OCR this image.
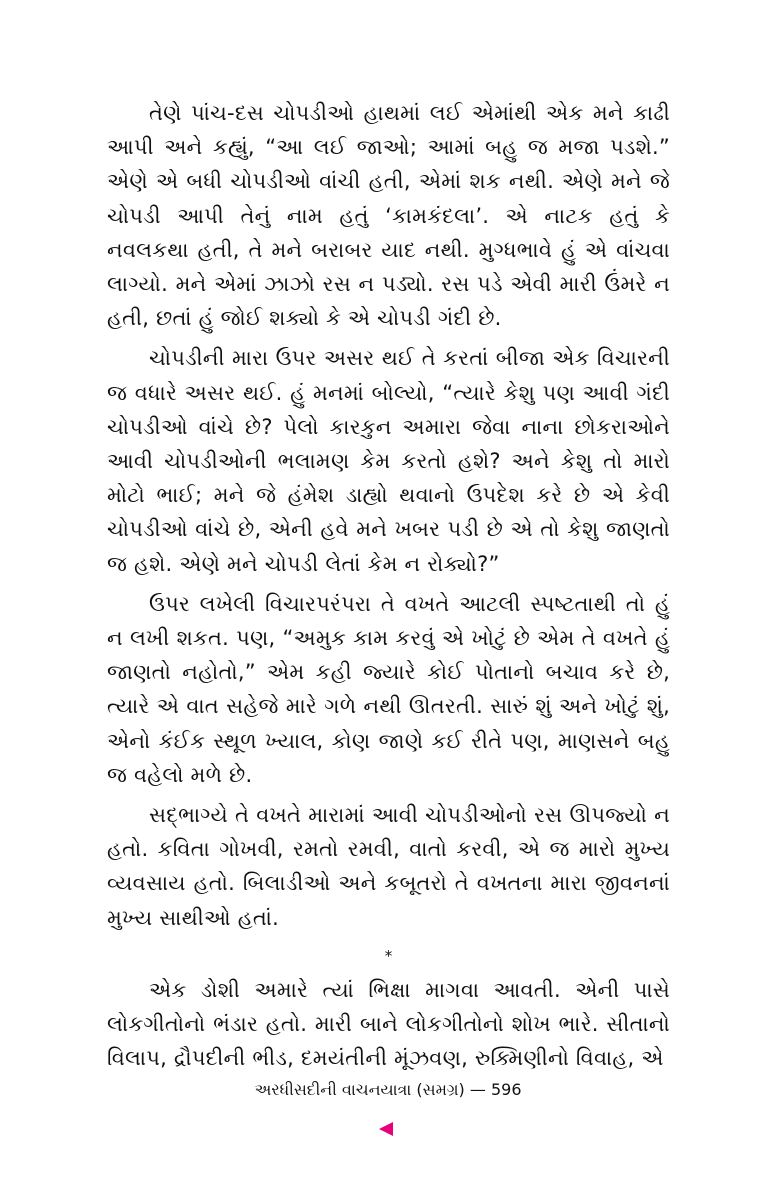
તેણે પાંચ-દસ ચોપડીઓ હાથમાં લઈ એમાંથી એક મને કાઢી આપી અને કહ્યું, “આ લઈ જાઓ; આમાં બહુ જ મજા પડશે.” એણે એ બધી ચોપડીઓ વાંચી હતી, એમાં શક નથી. એણે મને જે ચોપડી આપી તેનું નામ હતું ‘કામકંદલા’. એ નાટક હતું કે નવલકથા હતી, તે મને બરાબર યાદ નથી. મુગ્ધભાવે હું એ વાંચવા લાગ્યો. મને એમાં ઝાઝો રસ ન પડ્યો. રસ પડે એવી મારી ઉંમરે ન હતી, છતાં હું જોઈ શક્યો કે એ ચોપડી ગંદી છે.

ચોપડીની મારા ઉપર અસર થઈ તે કરતાં બીજા એક વિચારની જ વધારે અસર થઈ. હું મનમાં બોલ્યો, “ત્યારે કેશુ પણ આવી ગંદી ચોપડીઓ વાંચે છે? પેલો કારકુન અમારા જેવા નાના છોકરાઓને આવી ચોપડીઓની ભલામણ કેમ કરતો હશે? અને કેશુ તો મારો મોટો ભાઈ; મને જે હંમેશ ડાહ્યો થવાનો ઉપદેશ કરે છે એ કેવી ચોપડીઓ વાંચે છે, એની હવે મને ખબર પડી છે એ તો કેશુ જાણતો જ હશે. એણે મને ચોપડી લેતાં કેમ ન રોક્યો?”

ઉપર લખેલી વિચારપરંપરા તે વખતે આટલી સ્પષ્ટતાથી તો હું ન લખી શકત. પણ, “અમુક કામ કરવું એ ખોટું છે એમ તે વખતે હું જાણતો નહોતો,” એમ કહી જ્યારે કોઈ પોતાનો બચાવ કરે છે, ત્યારે એ વાત સહેજે મારે ગળે નથી ઊતરતી. સારું શું અને ખોટું શું, એનો કંઈક સ્થૂળ ખ્યાલ, કોણ જાણે કઈ રીતે પણ, માણસને બહુ જ વહેલો મળે છે.

સદ્ભાગ્યે તે વખતે મારામાં આવી ચોપડીઓનો રસ ઊપજ્યો ન હતો. કવિતા ગોખવી, રમતો રમવી, વાતો કરવી, એ જ મારો મુખ્ય વ્યવસાય હતો. બિલાડીઓ અને કબૂતરો તે વખતના મારા જીવનનાં મુખ્ય સાથીઓ હતાં.

*

એક ડોશી અમારે ત્યાં ભિક્ષા માગવા આવતી. એની પાસે લોકગીતોનો ભંડાર હતો. મારી બાને લોકગીતોનો શોખ ભારે. સીતાનો વિલાપ, દ્રૌપદીની ભીડ, દમયંતીની મૂંઝવણ, રુક્મિણીનો વિવાહ, એ

અરધીસદીની વાચનયાત્રા (સમગ્ર) — 596
